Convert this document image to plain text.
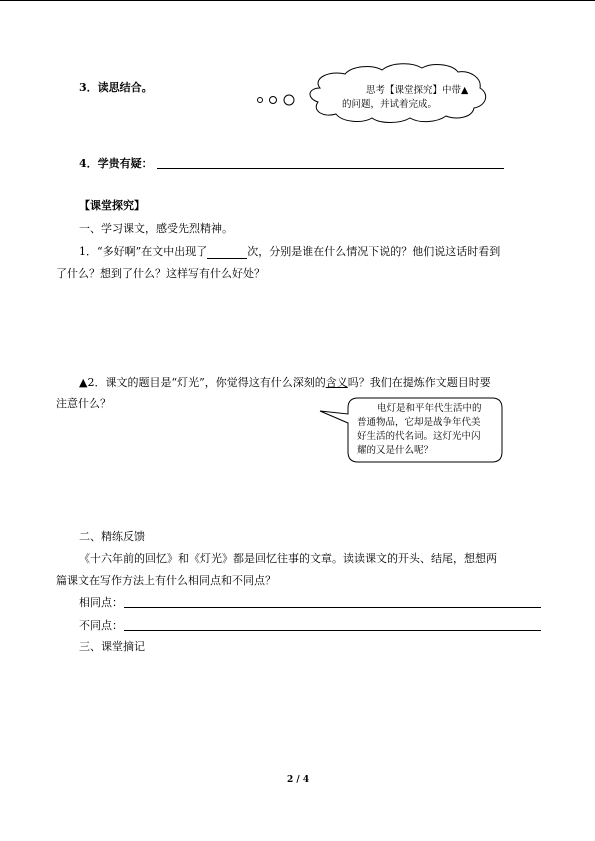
3．读思结合。	思考【课堂探究】中带▲
的问题，并试着完成。
4．学贵有疑：
【课堂探究】
一、学习课文，感受先烈精神。
1．“多好啊”在文中出现了	次，分别是谁在什么情况下说的？他们说这话时看到
了什么？想到了什么？这样写有什么好处？
▲2．课文的题目是“灯光”，你觉得这有什么深刻的含义吗？我们在提炼作文题目时要
注意什么？	电灯是和平年代生活中的
普通物品，它却是战争年代美
好生活的代名词。这灯光中闪
耀的又是什么呢？
二、精练反馈
《十六年前的回忆》和《灯光》都是回忆往事的文章。读读课文的开头、结尾，想想两
篇课文在写作方法上有什么相同点和不同点？
相同点：
不同点：
三、课堂摘记
2 / 4
